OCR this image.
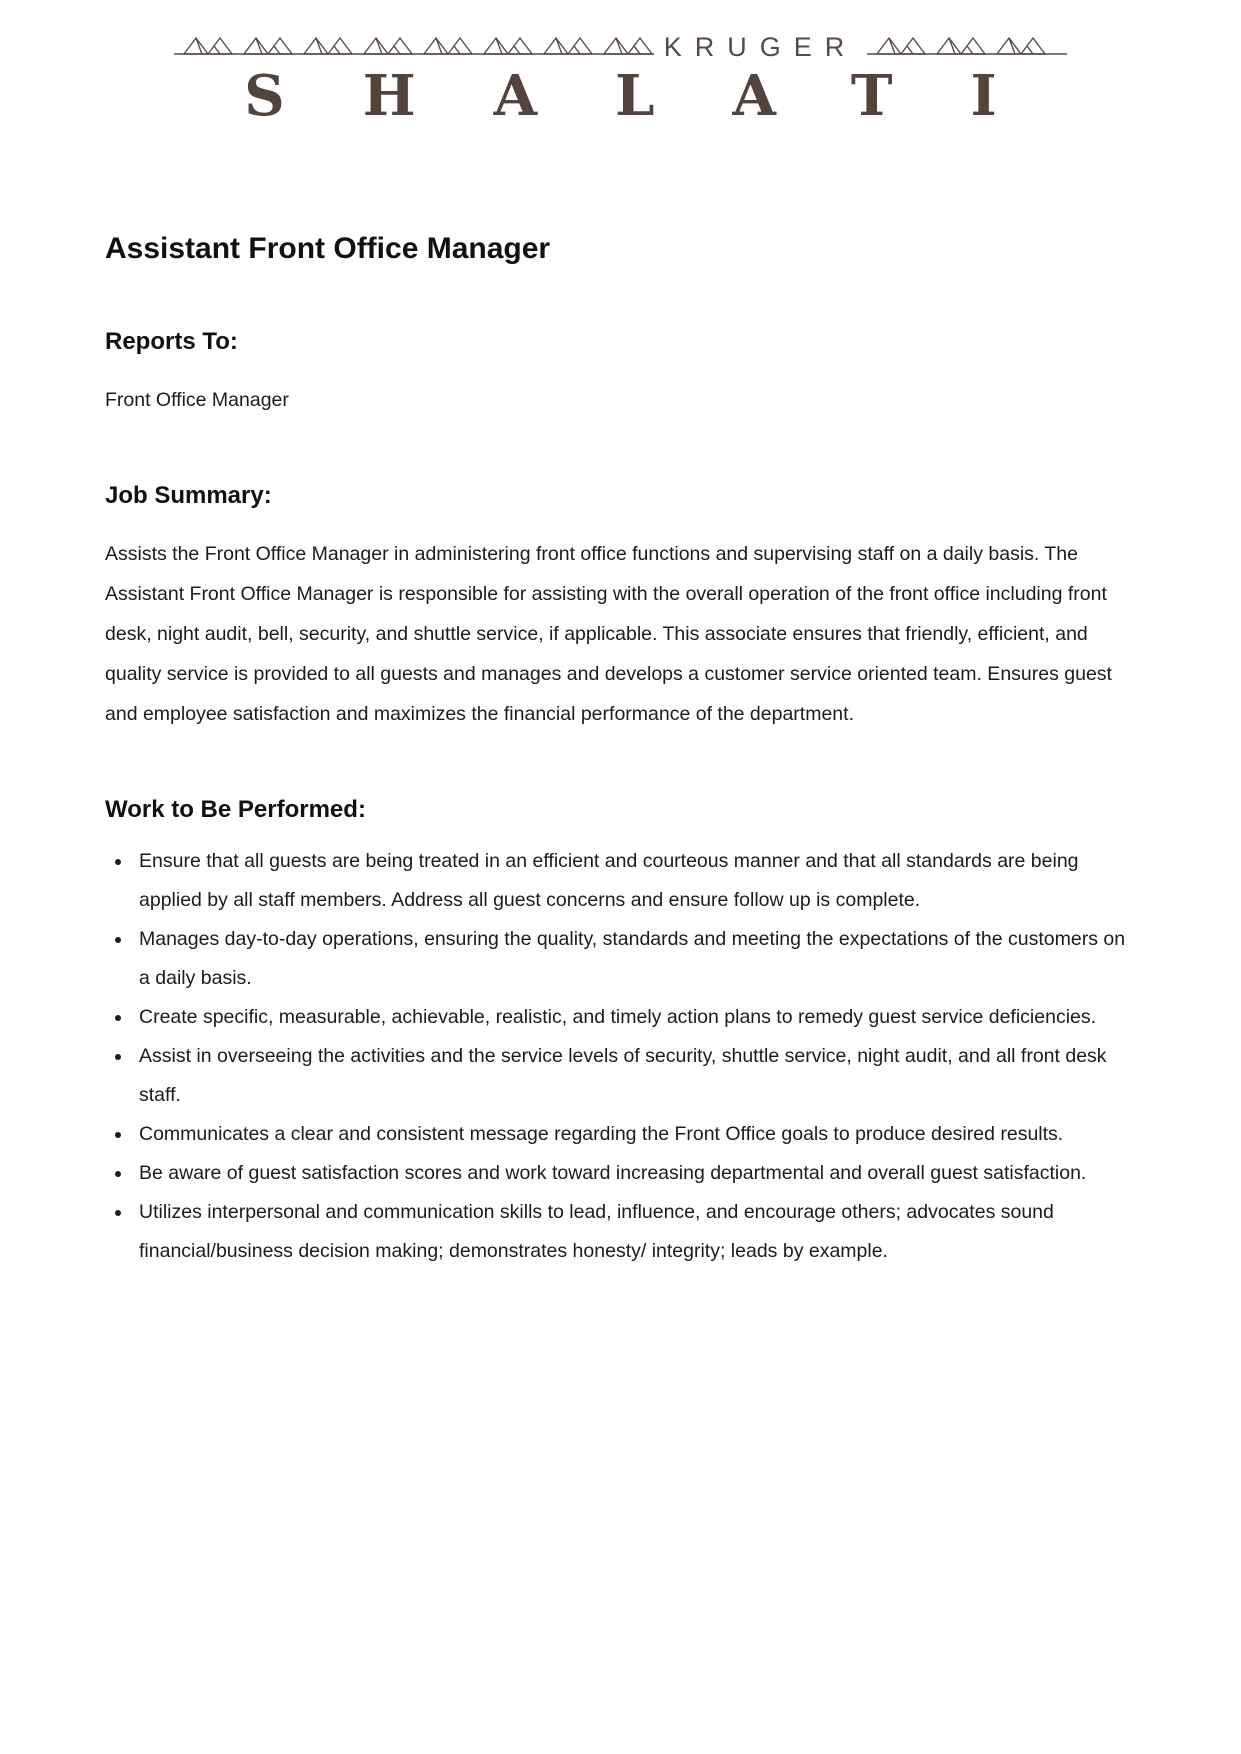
KRUGER
SHALATI
Assistant Front Office Manager
Reports To:

Front Office Manager

Job Summary:

Assists the Front Office Manager in administering front office functions and supervising staff on a daily basis. The Assistant Front Office Manager is responsible for assisting with the overall operation of the front office including front desk, night audit, bell, security, and shuttle service, if applicable. This associate ensures that friendly, efficient, and quality service is provided to all guests and manages and develops a customer service oriented team. Ensures guest and employee satisfaction and maximizes the financial performance of the department.

Work to Be Performed:
• Ensure that all guests are being treated in an efficient and courteous manner and that all standards are being applied by all staff members. Address all guest concerns and ensure follow up is complete.
• Manages day-to-day operations, ensuring the quality, standards and meeting the expectations of the customers on a daily basis.
• Create specific, measurable, achievable, realistic, and timely action plans to remedy guest service deficiencies.
• Assist in overseeing the activities and the service levels of security, shuttle service, night audit, and all front desk staff.
• Communicates a clear and consistent message regarding the Front Office goals to produce desired results.
• Be aware of guest satisfaction scores and work toward increasing departmental and overall guest satisfaction.
• Utilizes interpersonal and communication skills to lead, influence, and encourage others; advocates sound financial/business decision making; demonstrates honesty/ integrity; leads by example.
